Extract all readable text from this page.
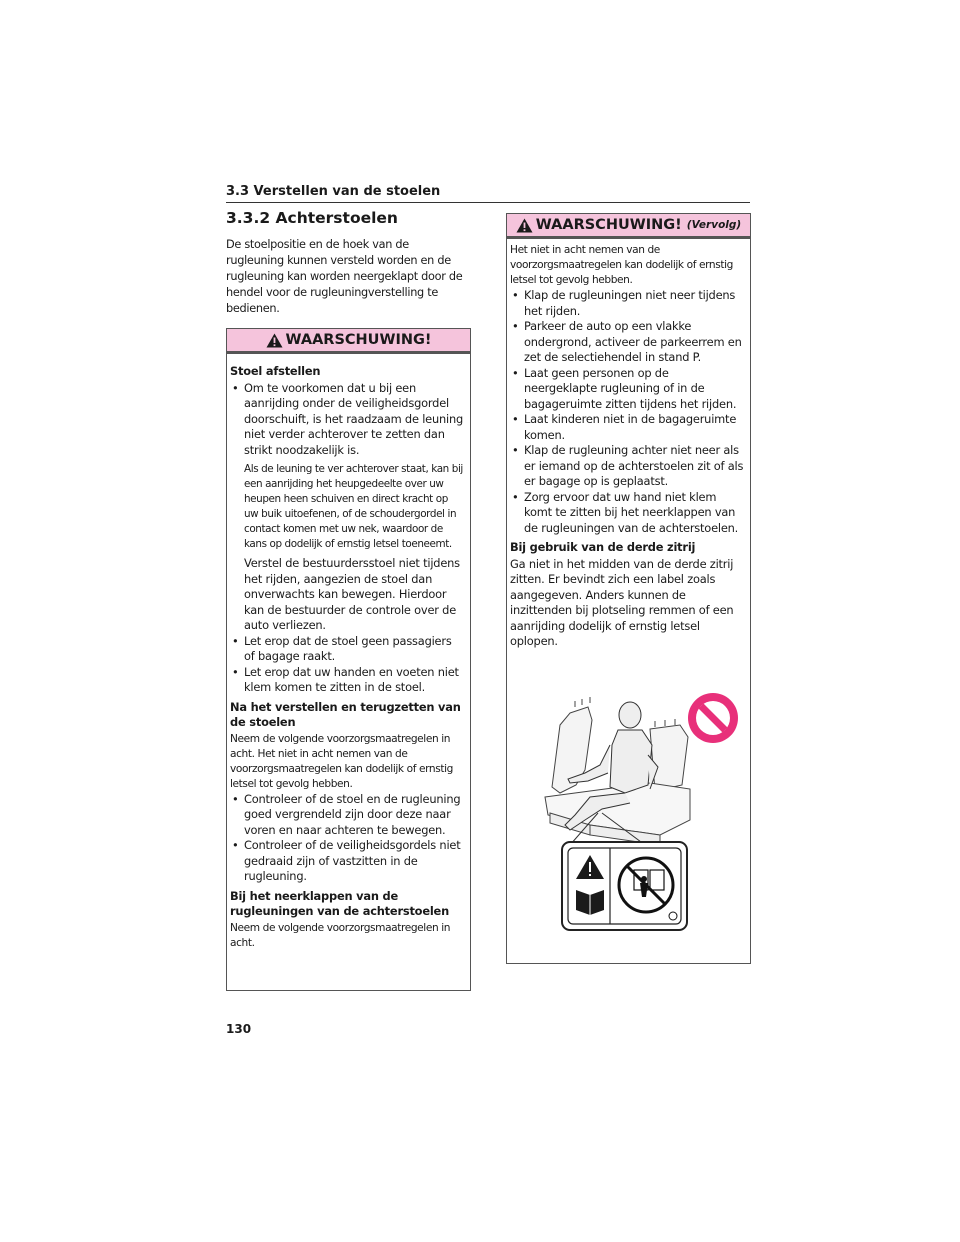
3.3 Verstellen van de stoelen
3.3.2 Achterstoelen

De stoelpositie en de hoek van de rugleuning kunnen versteld worden en de rugleuning kan worden neergeklapt door de hendel voor de rugleuningverstelling te bedienen.

WAARSCHUWING!
Stoel afstellen
• Om te voorkomen dat u bij een aanrijding onder de veiligheidsgordel doorschuift, is het raadzaam de leuning niet verder achterover te zetten dan strikt noodzakelijk is.

Als de leuning te ver achterover staat, kan bij een aanrijding het heupgedeelte over uw heupen heen schuiven en direct kracht op uw buik uitoefenen, of de schoudergordel in contact komen met uw nek, waardoor de kans op dodelijk of ernstig letsel toeneemt.

Verstel de bestuurdersstoel niet tijdens het rijden, aangezien de stoel dan onverwachts kan bewegen. Hierdoor kan de bestuurder de controle over de auto verliezen.

• Let erop dat de stoel geen passagiers of bagage raakt.
• Let erop dat uw handen en voeten niet klem komen te zitten in de stoel.
Na het verstellen en terugzetten van de stoelen

Neem de volgende voorzorgsmaatregelen in acht. Het niet in acht nemen van de voorzorgsmaatregelen kan dodelijk of ernstig letsel tot gevolg hebben.

• Controleer of de stoel en de rugleuning goed vergrendeld zijn door deze naar voren en naar achteren te bewegen.
• Controleer of de veiligheidsgordels niet gedraaid zijn of vastzitten in de rugleuning.
Bij het neerklappen van de rugleuningen van de achterstoelen

Neem de volgende voorzorgsmaatregelen in acht.

WAARSCHUWING! (Vervolg)

Het niet in acht nemen van de voorzorgsmaatregelen kan dodelijk of ernstig letsel tot gevolg hebben.

• Klap de rugleuningen niet neer tijdens het rijden.
• Parkeer de auto op een vlakke ondergrond, activeer de parkeerrem en zet de selectiehendel in stand P.
• Laat geen personen op de neergeklapte rugleuning of in de bagageruimte zitten tijdens het rijden.
• Laat kinderen niet in de bagageruimte komen.
• Klap de rugleuning achter niet neer als er iemand op de achterstoelen zit of als er bagage op is geplaatst.
• Zorg ervoor dat uw hand niet klem komt te zitten bij het neerklappen van de rugleuningen van de achterstoelen.
Bij gebruik van de derde zitrij

Ga niet in het midden van de derde zitrij zitten. Er bevindt zich een label zoals aangegeven. Anders kunnen de inzittenden bij plotseling remmen of een aanrijding dodelijk of ernstig letsel oplopen.

130
